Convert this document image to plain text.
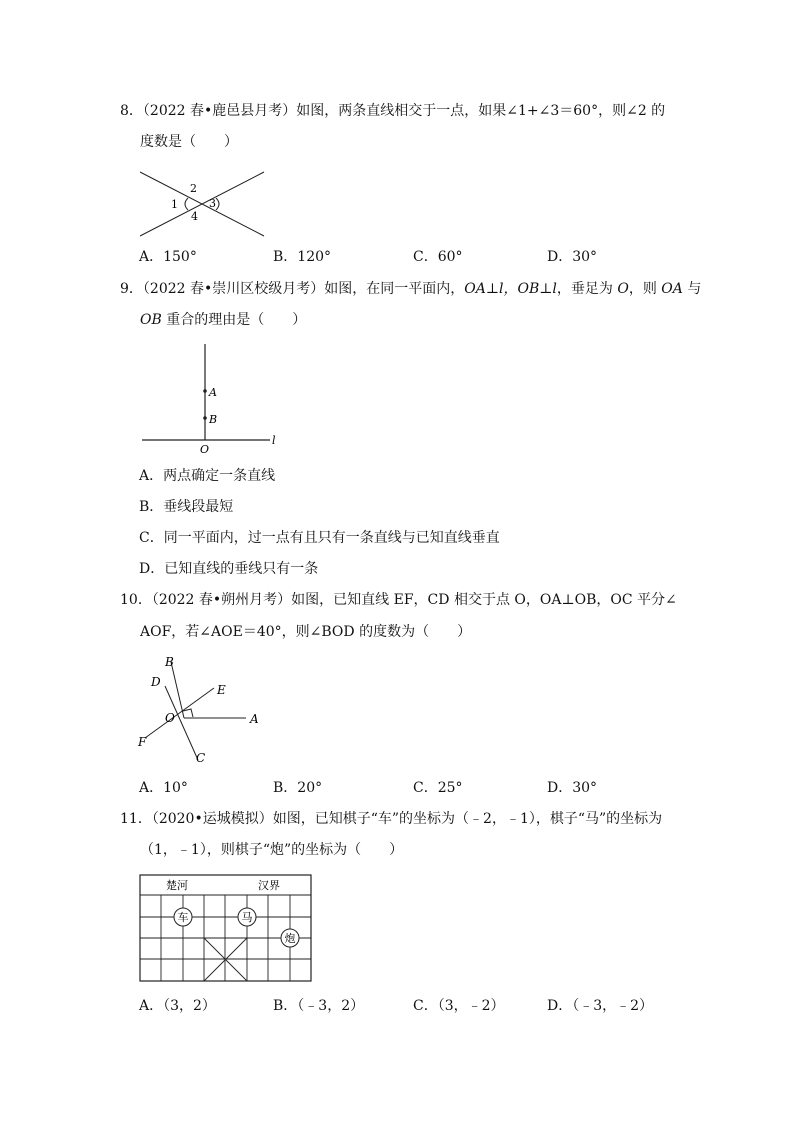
8．（2022 春•鹿邑县月考）如图，两条直线相交于一点，如果∠1+∠3＝60°，则∠2 的
度数是（　　）
1
2
3
4
A．150°	B．120°	C．60°	D．30°
9．（2022 春•崇川区校级月考）如图，在同一平面内，OA⊥l，OB⊥l，垂足为 O，则 OA 与
OB 重合的理由是（　　）
A
B
O
l
A．两点确定一条直线
B．垂线段最短
C．同一平面内，过一点有且只有一条直线与已知直线垂直
D．已知直线的垂线只有一条
10．（2022 春•朔州月考）如图，已知直线 EF，CD 相交于点 O，OA⊥OB，OC 平分∠
AOF，若∠AOE＝40°，则∠BOD 的度数为（　　）
B
D
E
O	A
F
C
A．10°	B．20°	C．25°	D．30°
11．（2020•运城模拟）如图，已知棋子“车”的坐标为（﹣2，﹣1），棋子“马”的坐标为
（1，﹣1），则棋子“炮”的坐标为（　　）
楚河	汉界
车	马
炮
A．（3，2）	B．（﹣3，2）	C．（3，﹣2）	D．（﹣3，﹣2）
